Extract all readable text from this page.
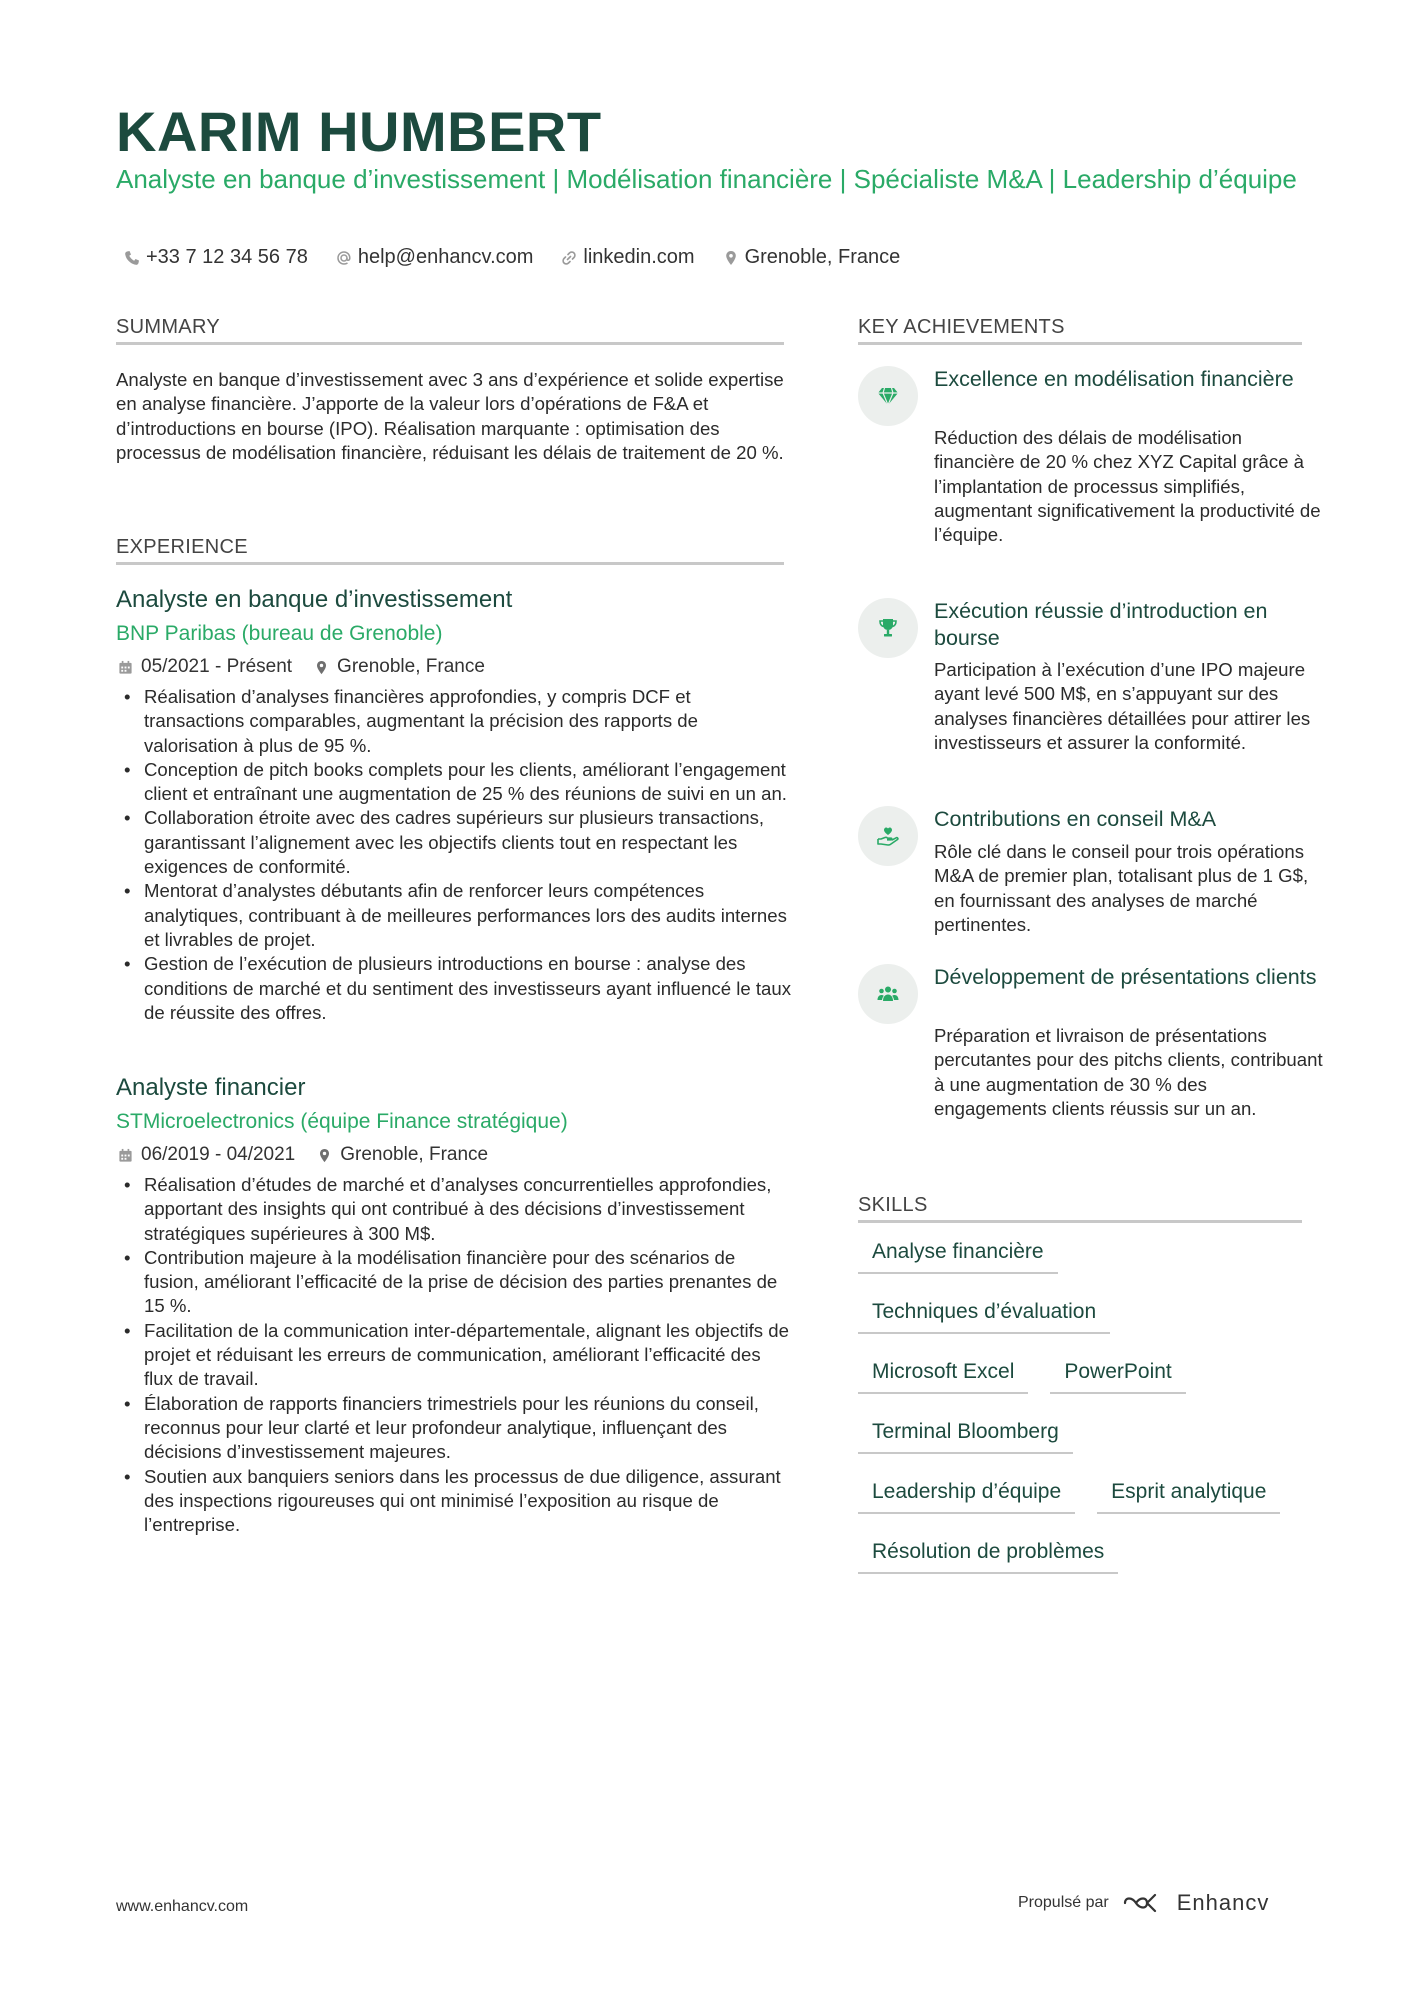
KARIM HUMBERT
Analyste en banque d’investissement | Modélisation financière | Spécialiste M&A | Leadership d’équipe
+33 7 12 34 56 78	help@enhancv.com	linkedin.com	Grenoble, France
SUMMARY
Analyste en banque d’investissement avec 3 ans d’expérience et solide expertise en analyse financière. J’apporte de la valeur lors d’opérations de F&A et d’introductions en bourse (IPO). Réalisation marquante : optimisation des processus de modélisation financière, réduisant les délais de traitement de 20 %.
EXPERIENCE
Analyste en banque d’investissement
BNP Paribas (bureau de Grenoble)
05/2021 - Présent Grenoble, France
• Réalisation d’analyses financières approfondies, y compris DCF et transactions comparables, augmentant la précision des rapports de valorisation à plus de 95 %.
• Conception de pitch books complets pour les clients, améliorant l’engagement client et entraînant une augmentation de 25 % des réunions de suivi en un an.
• Collaboration étroite avec des cadres supérieurs sur plusieurs transactions, garantissant l’alignement avec les objectifs clients tout en respectant les exigences de conformité.
• Mentorat d’analystes débutants afin de renforcer leurs compétences analytiques, contribuant à de meilleures performances lors des audits internes et livrables de projet.
• Gestion de l’exécution de plusieurs introductions en bourse : analyse des conditions de marché et du sentiment des investisseurs ayant influencé le taux de réussite des offres.
Analyste financier
STMicroelectronics (équipe Finance stratégique)
06/2019 - 04/2021 Grenoble, France
• Réalisation d’études de marché et d’analyses concurrentielles approfondies, apportant des insights qui ont contribué à des décisions d’investissement stratégiques supérieures à 300 M$.
• Contribution majeure à la modélisation financière pour des scénarios de fusion, améliorant l’efficacité de la prise de décision des parties prenantes de 15 %.
• Facilitation de la communication inter-départementale, alignant les objectifs de projet et réduisant les erreurs de communication, améliorant l’efficacité des flux de travail.
• Élaboration de rapports financiers trimestriels pour les réunions du conseil, reconnus pour leur clarté et leur profondeur analytique, influençant des décisions d’investissement majeures.
• Soutien aux banquiers seniors dans les processus de due diligence, assurant des inspections rigoureuses qui ont minimisé l’exposition au risque de l’entreprise.
KEY ACHIEVEMENTS
Excellence en modélisation financière
Réduction des délais de modélisation financière de 20 % chez XYZ Capital grâce à l’implantation de processus simplifiés, augmentant significativement la productivité de l’équipe.
Exécution réussie d’introduction en bourse
Participation à l’exécution d’une IPO majeure ayant levé 500 M$, en s’appuyant sur des analyses financières détaillées pour attirer les investisseurs et assurer la conformité.
Contributions en conseil M&A
Rôle clé dans le conseil pour trois opérations M&A de premier plan, totalisant plus de 1 G$, en fournissant des analyses de marché pertinentes.
Développement de présentations clients
Préparation et livraison de présentations percutantes pour des pitchs clients, contribuant à une augmentation de 30 % des engagements clients réussis sur un an.
SKILLS
Analyse financière
Techniques d’évaluation
Microsoft Excel	PowerPoint
Terminal Bloomberg
Leadership d’équipe	Esprit analytique
Résolution de problèmes
www.enhancv.com	Propulsé par	Enhancv
